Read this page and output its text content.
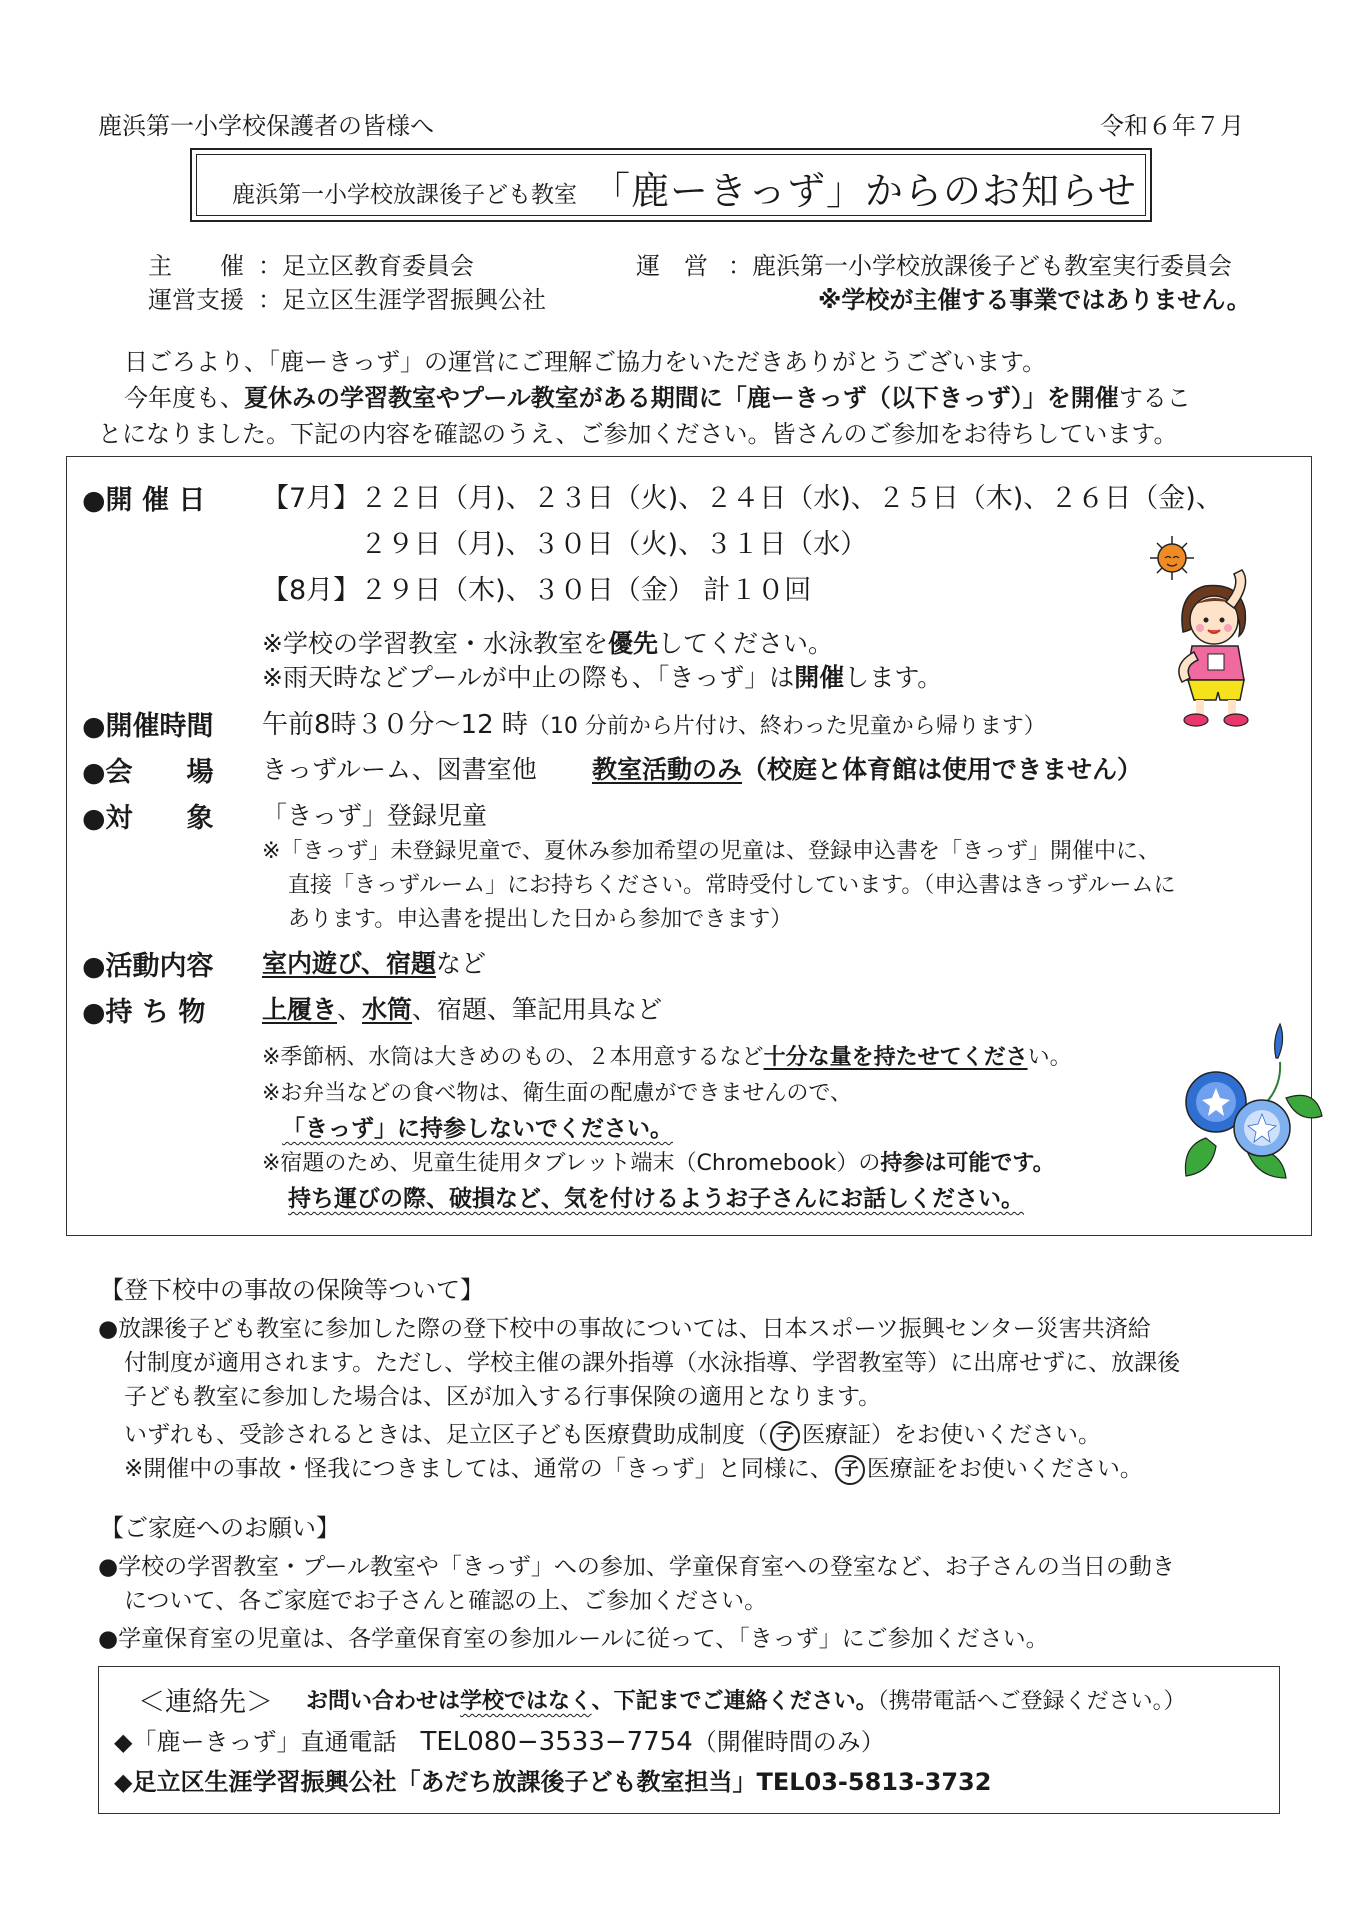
鹿浜第一小学校保護者の皆様へ	令和６年７月
鹿浜第一小学校放課後子ども教室 「鹿ーきっず」からのお知らせ
主　　催 ：足立区教育委員会	運　営 ：鹿浜第一小学校放課後子ども教室実行委員会
運営支援 ：足立区生涯学習振興公社	※学校が主催する事業ではありません。
日ごろより、「鹿ーきっず」の運営にご理解ご協力をいただきありがとうございます。
今年度も、夏休みの学習教室やプール教室がある期間に「鹿ーきっず（以下きっず）」を開催するこ
とになりました。下記の内容を確認のうえ、ご参加ください。皆さんのご参加をお待ちしています。
●開 催 日 【7月】２２日（月)、２３日（火)、２４日（水)、２５日（木)、２６日（金)、
２９日（月)、３０日（火)、３１日（水）
【8月】２９日（木)、３０日（金） 計１０回
※学校の学習教室・水泳教室を優先してください。
※雨天時などプールが中止の際も、「きっず」は開催します。
●開催時間 午前8時３０分～12 時（10 分前から片付け、終わった児童から帰ります）
●会　　場 きっずルーム、図書室他 教室活動のみ（校庭と体育館は使用できません）
●対　　象 「きっず」登録児童
※「きっず」未登録児童で、夏休み参加希望の児童は、登録申込書を「きっず」開催中に、
直接「きっずルーム」にお持ちください。常時受付しています。（申込書はきっずルームに
あります。申込書を提出した日から参加できます）
●活動内容 室内遊び、宿題など
●持 ち 物 上履き、水筒、宿題、筆記用具など
※季節柄、水筒は大きめのもの、２本用意するなど十分な量を持たせてください。
※お弁当などの食べ物は、衛生面の配慮ができませんので、
「きっず」に持参しないでください。
※宿題のため、児童生徒用タブレット端末（Chromebook）の持参は可能です。
持ち運びの際、破損など、気を付けるようお子さんにお話しください。
【登下校中の事故の保険等ついて】
●放課後子ども教室に参加した際の登下校中の事故については、日本スポーツ振興センター災害共済給
付制度が適用されます。ただし、学校主催の課外指導（水泳指導、学習教室等）に出席せずに、放課後
子ども教室に参加した場合は、区が加入する行事保険の適用となります。
いずれも、受診されるときは、足立区子ども医療費助成制度（ 子 医療証）をお使いください。
※開催中の事故・怪我につきましては、通常の「きっず」と同様に、 子 医療証をお使いください。
【ご家庭へのお願い】
●学校の学習教室・プール教室や「きっず」への参加、学童保育室への登室など、お子さんの当日の動き
について、各ご家庭でお子さんと確認の上、ご参加ください。
●学童保育室の児童は、各学童保育室の参加ルールに従って、「きっず」にご参加ください。
＜連絡先＞ お問い合わせは学校ではなく、下記までご連絡ください。（携帯電話へご登録ください。）
◆「鹿ーきっず」直通電話　TEL080−3533−7754（開催時間のみ）
◆足立区生涯学習振興公社「あだち放課後子ども教室担当」TEL03-5813-3732
